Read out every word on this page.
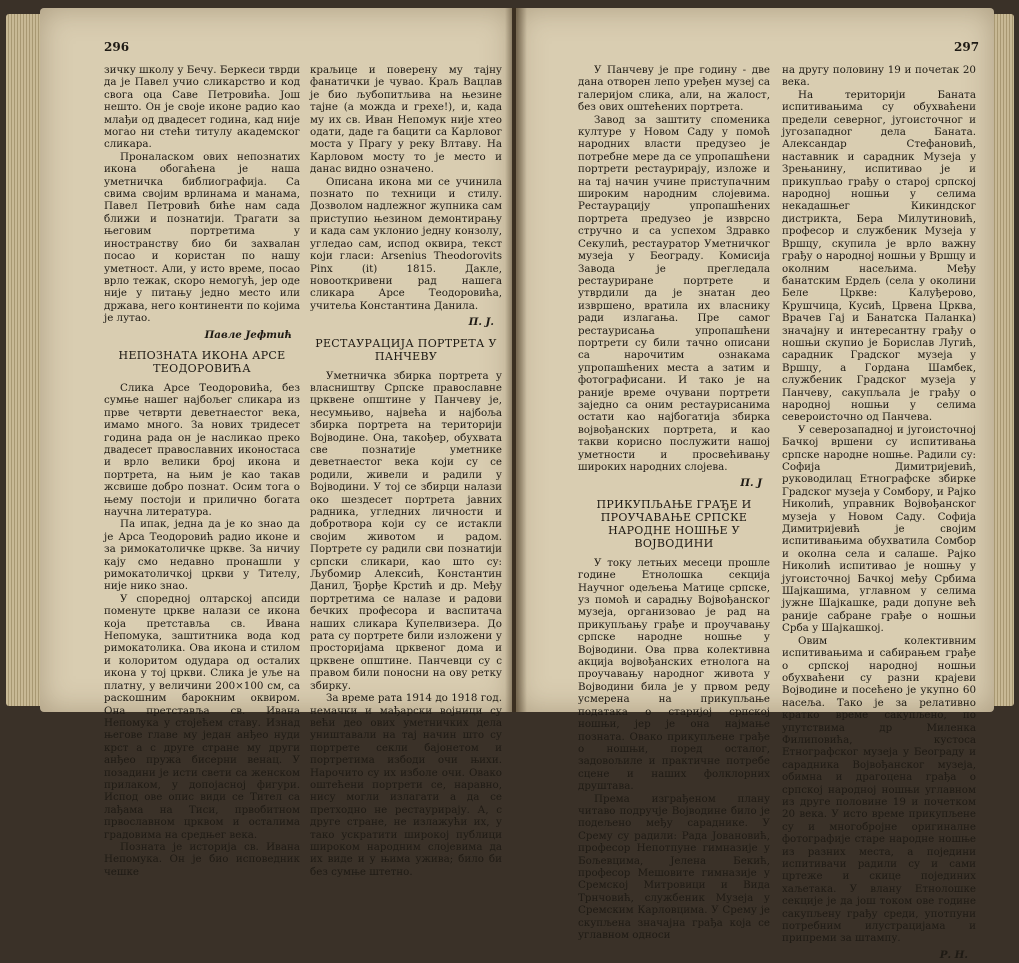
296

зичку школу у Бечу. Беркеси тврди да је Павел учио сликарство и код свога оца Саве Петровића. Још нешто. Он је своје иконе радио као млађи од двадесет година, кад није могао ни стећи титулу академског сликара.

Проналаском ових непознатих икона обогаћена је наша уметничка библиографија. Са свима својим врлинама и манама, Павел Петровић биће нам сада ближи и познатији. Трагати за његовим портретима у иностранству био би захвалан посао и користан по нашу уметност. Али, у исто време, посао врло тежак, скоро немогућ, јер оде није у питању једно место или држава, него континенти по којима је лутао.

Павле Јефтић
НЕПОЗНАТА ИКОНА АРСЕ ТЕОДОРОВИЋА

Слика Арсе Теодоровића, без сумње нашег најбољег сликара из прве четврти деветнаестог века, имамо много. За нових тридесет година рада он је насликао преко двадесет православних иконостаса и врло велики број икона и портрета, на њим је као такав жсвише добро познат. Осим тога о њему постоји и прилично богата научна литература.

Па ипак, једна да је ко знао да је Арса Теодоровић радио иконе и за римокатоличке цркве. За ничиу кају смо недавно пронашли у римокатоличкој цркви у Тителу, није нико знао.

У споредној олтарској апсиди поменуте цркве налази се икона која претставља св. Ивана Непомука, заштитника вода код римокатолика. Ова икона и стилом и колоритом одудара од осталих икона у тој цркви. Слика је уље на платну, у величини 200×100 см, са раскошним барокним оквиром. Она претставља св. Ивана Непомука у стојећем ставу. Изнад његове главе му један анђео нуди крст а с друге стране му други анђео пружа бисерни венац. У позадини је исти свети са женском прилаком, у допојасној фигури. Испод ове опис види се Тител са лађама на Тиси, првобитном првославном црквом и осталима градовима на средњег века.

Позната је историја св. Ивана Непомука. Он је био исповедник чешке

краљице и поверену му тајну фанатички је чувао. Краљ Вацлав је био љубопитљива на њезине тајне (а можда и грехе!), и, када му их св. Иван Непомук није хтео одати, даде га бацити са Карловог моста у Прагу у реку Влтаву. На Карловом мосту то је место и данас видно означено.

Описана икона ми се учинила познато по техници и стилу. Дозволом надлежног жупника сам приступио њезином демонтирању и када сам уклонио једну конзолу, угледао сам, испод оквира, текст који гласи: Arsenius Theodorovits Pinx (it) 1815. Дакле, новооткривени рад нашега сликара Арсе Теодоровића, учитеља Константина Данила.

П. Ј.
РЕСТАУРАЦИЈА ПОРТРЕТА У ПАНЧЕВУ

Уметничка збирка портрета у власништву Српске православне црквене општине у Панчеву је, несумњиво, највећа и најбоља збирка портрета на територији Војводине. Она, такођер, обухвата све познатије уметнике деветнаестог века који су се родили, живели и радили у Војводини. У тој се збирци налази око шездесет портрета јавних радника, угледних личности и добротвора који су се истакли својим животом и радом. Портрете су радили сви познатији српски сликари, као што су: Љубомир Алексић, Константин Данил, Ђорђе Крстић и др. Међу портретима се налазе и радови бечких професора и васпитача наших сликара Купелвизера. До рата су портрете били изложени у просторијама црквеног дома и црквене општине. Панчевци су с правом били поносни на ову ретку збирку.

За време рата 1914 до 1918 год. немачки и мађарски војници су већи део ових уметничких дела уништавали на тај начин што су портрете секли бајонетом и портретима избоди очи њихи. Нарочито су их изболе очи. Овако оштећени портрети се, наравно, нису могли излагати а да се претходно не рестаурирају. А, с друге стране, не излажући их, у тако ускратити широкој публици широком народним слојевима да их виде и у њима ужива; било би без сумње штетно.

297

У Панчеву је пре годину - две дана отворен лепо уређен музеј са галеријом слика, али, на жалост, без ових оштећених портрета.

Завод за заштиту споменика културе у Новом Саду у помоћ народних власти предузео је потребне мере да се упропашћени портрети рестаурирају, изложе и на тај начин учине приступачним широким народним слојевима. Рестаурацију упропашћених портрета предузео је изврсно стручно и са успехом Здравко Секулић, рестауратор Уметничког музеја у Београду. Комисија Завода је прегледала рестауриране портрете и утврдили да је знатан део извршено, вратила их власнику ради излагања. Пре самог рестаурисања упропашћени портрети су били тачно описани са нарочитим ознакама упропашћених места а затим и фотографисани. И тако је на раније време очувани портрети заједно са оним рестаурисанима остати као најбогатија збирка војвођанских портрета, и као такви корисно послужити нашој уметности и просвећивању широких народних слојева.

П. Ј
ПРИКУПЉАЊЕ ГРАЂЕ И ПРОУЧАВАЊЕ СРПСКЕ НАРОДНЕ НОШЊЕ У ВОЈВОДИНИ

У току летњих месеци прошле године Етнолошка секција Научног одељења Матице српске, уз помоћ и сарадњу Војвођанског музеја, организовао је рад на прикупљању грађе и проучавању српске народне ношње у Војводини. Ова прва колективна акција војвођанских етнолога на проучавању народног живота у Војводини била је у првом реду усмерена на прикупљање података о старијој српској ношњи, јер је она најмање позната. Овако прикупљене грађе о ношњи, поред осталог, задовољиле и практичне потребе сцене и наших фолклорних друштава.

Према изграђеном плану читаво подручје Војводине било је подељено међу сараднике. У Срему су радили: Рада Јовановић, професор Непотпуне гимназије у Бољевцима, Јелена Бекић, професор Мешовите гимназије у Сремској Митровици и Видa Трнчовић, службеник Музеја у Сремским Карловцима. У Срему је скупљена значајна грађа која се углавном односи

на другу половину 19 и почетак 20 века.

На територији Баната испитивањима су обухваћени предели северног, југоисточног и југозападног дела Баната. Александар Стефановић, наставник и сарадник Музеја у Зрењанину, испитивао је и прикупљао грађу о старој српској народној ношњи у селима некадашњег Кикиндског дистрикта, Бера Милутиновић, професор и службеник Музеја у Вршцу, скупила је врло важну грађу о народној ношњи у Вршцу и околним насељима. Међу банатским Ердељ (села у околини Беле Цркве: Калуђерово, Крушчица, Кусић, Црвена Црква, Врачев Гај и Банатска Паланка) значајну и интересантну грађу о ношњи скупио је Борислав Лугић, сарадник Градског музеја у Вршцу, а Гордана Шамбек, службеник Градског музеја у Панчеву, сакупљала је грађу о народној ношњи у селима североисточно од Панчева.

У северозападној и југоисточној Бачкој вршени су испитивања српске народне ношње. Радили су: Софија Димитријевић, руководилац Етнографске збирке Градског музеја у Сомбору, и Рајко Николић, управник Војвођанског музеја у Новом Саду. Софија Димитријевић је својим испитивањима обухватила Сомбор и околна села и салаше. Рајко Николић испитивао је ношњу у југоисточној Бачкој међу Србима Шајкашима, углавном у селима јужне Шајкашке, ради допуне већ раније сабране грађе о ношњи Срба у Шајкашкој.

Овим колективним испитивањима и сабирањем грађе о српској народној ношњи обухваћени су разни крајеви Војводине и посећено је укупно 60 насеља. Тако је за релативно кратко време сакупљено, по упутствима др Миленка Филиповића, кустоса Етнографског музеја у Београду и сарадника Војвођанског музеја, обимна и драгоцена грађа о српској народној ношњи углавном из друге половине 19 и почетком 20 века. У исто време прикупљене су и многобројне оригиналне фотографије старе народне ношње из разних места, а поједини испитивачи радили су и сами цртеже и скице појединих хаљетака. У влану Етнолошке секције је да још током ове године сакупљену грађу среди, употпуни потребним илустрацијама и припреми за штампу.

Р. Н.
